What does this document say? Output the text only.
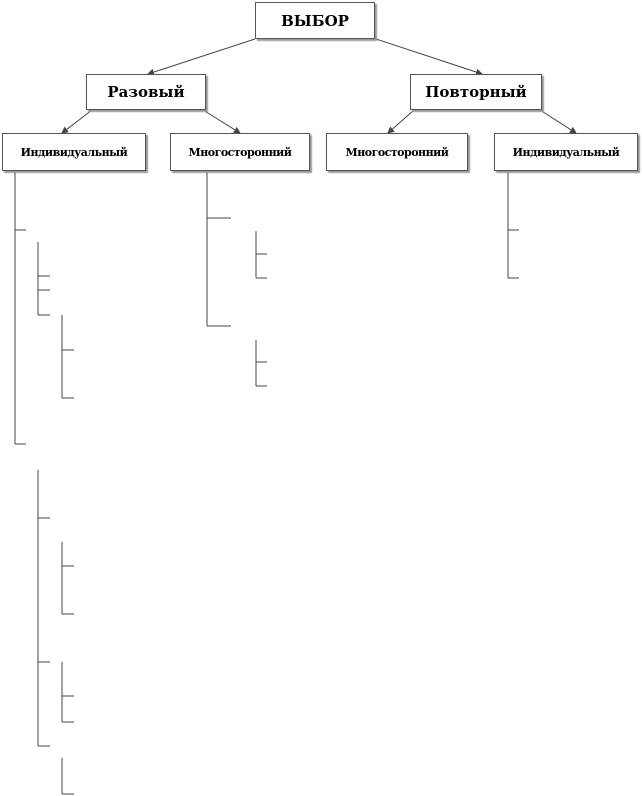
ВЫБОР
Разовый	Повторный
Индивидуальный	Многосторонний	Многосторонний	Индивидуальный
